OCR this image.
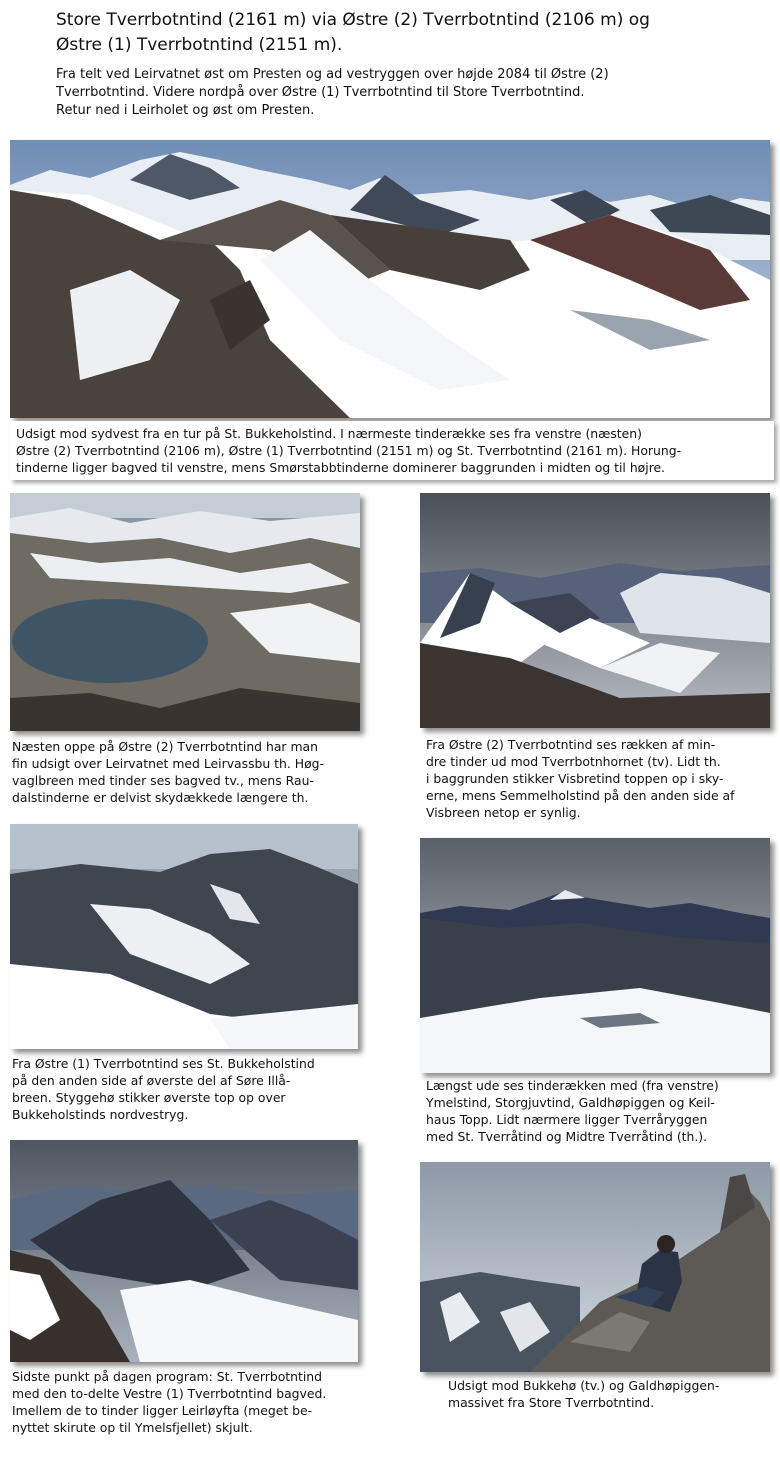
Store Tverrbotntind (2161 m) via Østre (2) Tverrbotntind (2106 m) og
Østre (1) Tverrbotntind (2151 m).
Fra telt ved Leirvatnet øst om Presten og ad vestryggen over højde 2084 til Østre (2)
Tverrbotntind. Videre nordpå over Østre (1) Tverrbotntind til Store Tverrbotntind.
Retur ned i Leirholet og øst om Presten.
Udsigt mod sydvest fra en tur på St. Bukkeholstind. I nærmeste tinderække ses fra venstre (næsten)
Østre (2) Tverrbotntind (2106 m), Østre (1) Tverrbotntind (2151 m) og St. Tverrbotntind (2161 m). Horung-
tinderne ligger bagved til venstre, mens Smørstabbtinderne dominerer baggrunden i midten og til højre.
Næsten oppe på Østre (2) Tverrbotntind har man
fin udsigt over Leirvatnet med Leirvassbu th. Høg-
vaglbreen med tinder ses bagved tv., mens Rau-
dalstinderne er delvist skydækkede længere th.
Fra Østre (2) Tverrbotntind ses rækken af min-
dre tinder ud mod Tverrbotnhornet (tv). Lidt th.
i baggrunden stikker Visbretind toppen op i sky-
erne, mens Semmelholstind på den anden side af
Visbreen netop er synlig.
Fra Østre (1) Tverrbotntind ses St. Bukkeholstind
på den anden side af øverste del af Søre Illå-
breen. Styggehø stikker øverste top op over
Bukkeholstinds nordvestryg.
Længst ude ses tinderækken med (fra venstre)
Ymelstind, Storgjuvtind, Galdhøpiggen og Keil-
haus Topp. Lidt nærmere ligger Tverråryggen
med St. Tverråtind og Midtre Tverråtind (th.).
Sidste punkt på dagen program: St. Tverrbotntind
med den to-delte Vestre (1) Tverrbotntind bagved.
Imellem de to tinder ligger Leirløyfta (meget be-
nyttet skirute op til Ymelsfjellet) skjult.
Udsigt mod Bukkehø (tv.) og Galdhøpiggen-
massivet fra Store Tverrbotntind.
